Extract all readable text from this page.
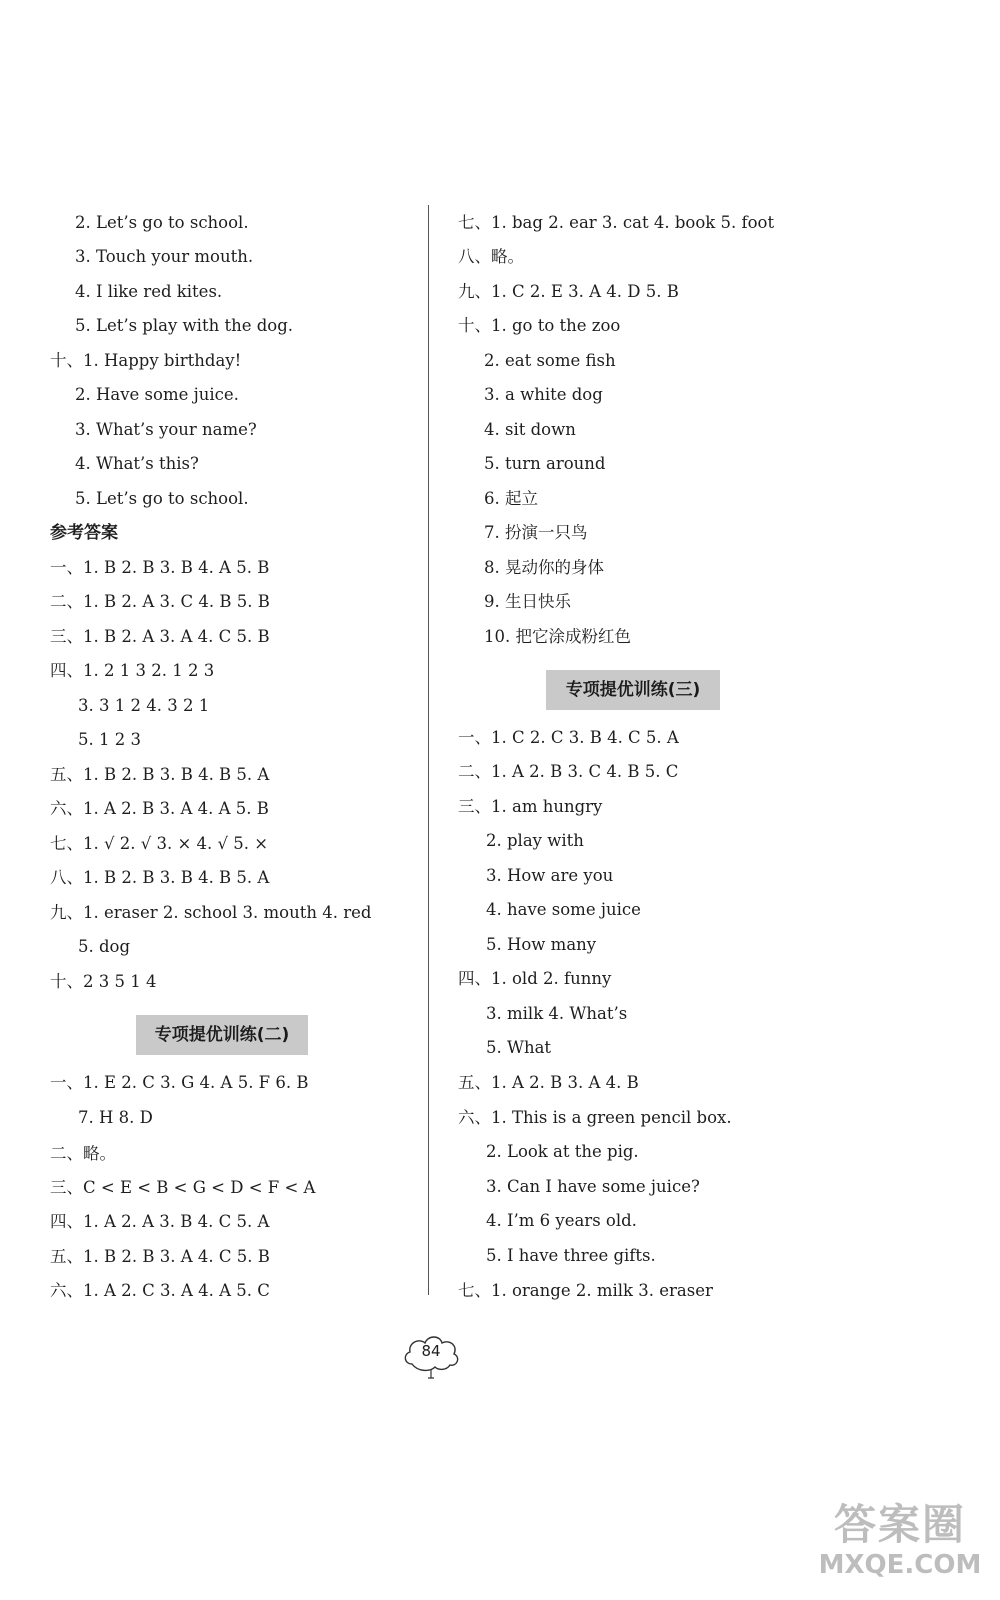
2. Let’s go to school.
3. Touch your mouth.
4. I like red kites.
5. Let’s play with the dog.
十、1. Happy birthday!
2. Have some juice.
3. What’s your name?
4. What’s this?
5. Let’s go to school.
参考答案
一、1. B 2. B 3. B 4. A 5. B
二、1. B 2. A 3. C 4. B 5. B
三、1. B 2. A 3. A 4. C 5. B
四、1. 2 1 3 2. 1 2 3
3. 3 1 2 4. 3 2 1
5. 1 2 3
五、1. B 2. B 3. B 4. B 5. A
六、1. A 2. B 3. A 4. A 5. B
七、1. √ 2. √ 3. × 4. √ 5. ×
八、1. B 2. B 3. B 4. B 5. A
九、1. eraser 2. school 3. mouth 4. red
5. dog
十、2 3 5 1 4
专项提优训练(二)
一、1. E 2. C 3. G 4. A 5. F 6. B
7. H 8. D
二、略。
三、C < E < B < G < D < F < A
四、1. A 2. A 3. B 4. C 5. A
五、1. B 2. B 3. A 4. C 5. B
六、1. A 2. C 3. A 4. A 5. C
七、1. bag 2. ear 3. cat 4. book 5. foot
八、略。
九、1. C 2. E 3. A 4. D 5. B
十、1. go to the zoo
2. eat some fish
3. a white dog
4. sit down
5. turn around
6. 起立
7. 扮演一只鸟
8. 晃动你的身体
9. 生日快乐
10. 把它涂成粉红色
专项提优训练(三)
一、1. C 2. C 3. B 4. C 5. A
二、1. A 2. B 3. C 4. B 5. C
三、1. am hungry
2. play with
3. How are you
4. have some juice
5. How many
四、1. old 2. funny
3. milk 4. What’s
5. What
五、1. A 2. B 3. A 4. B
六、1. This is a green pencil box.
2. Look at the pig.
3. Can I have some juice?
4. I’m 6 years old.
5. I have three gifts.
七、1. orange 2. milk 3. eraser
84
答案圈
MXQE.COM
